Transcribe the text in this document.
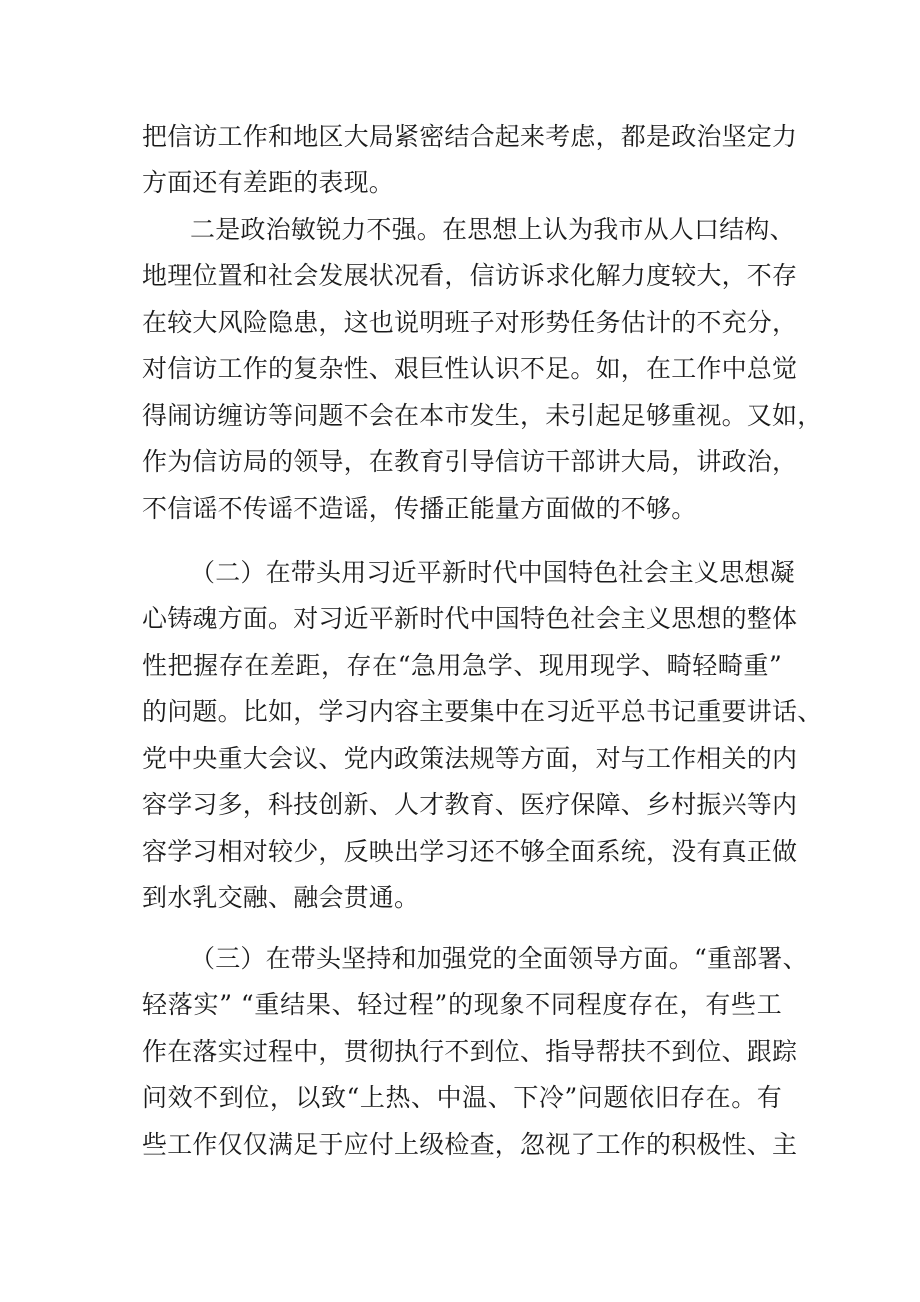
把信访工作和地区大局紧密结合起来考虑，都是政治坚定力
方面还有差距的表现。
二是政治敏锐力不强。在思想上认为我市从人口结构、
地理位置和社会发展状况看，信访诉求化解力度较大，不存
在较大风险隐患，这也说明班子对形势任务估计的不充分，
对信访工作的复杂性、艰巨性认识不足。如，在工作中总觉
得闹访缠访等问题不会在本市发生，未引起足够重视。又如，
作为信访局的领导，在教育引导信访干部讲大局，讲政治，
不信谣不传谣不造谣，传播正能量方面做的不够。
（二）在带头用习近平新时代中国特色社会主义思想凝
心铸魂方面。对习近平新时代中国特色社会主义思想的整体
性把握存在差距，存在“急用急学、现用现学、畸轻畸重”
的问题。比如，学习内容主要集中在习近平总书记重要讲话、
党中央重大会议、党内政策法规等方面，对与工作相关的内
容学习多，科技创新、人才教育、医疗保障、乡村振兴等内
容学习相对较少，反映出学习还不够全面系统，没有真正做
到水乳交融、融会贯通。
（三）在带头坚持和加强党的全面领导方面。“重部署、
轻落实” “重结果、轻过程”的现象不同程度存在，有些工
作在落实过程中，贯彻执行不到位、指导帮扶不到位、跟踪
问效不到位，以致“上热、中温、下冷”问题依旧存在。有
些工作仅仅满足于应付上级检查，忽视了工作的积极性、主
